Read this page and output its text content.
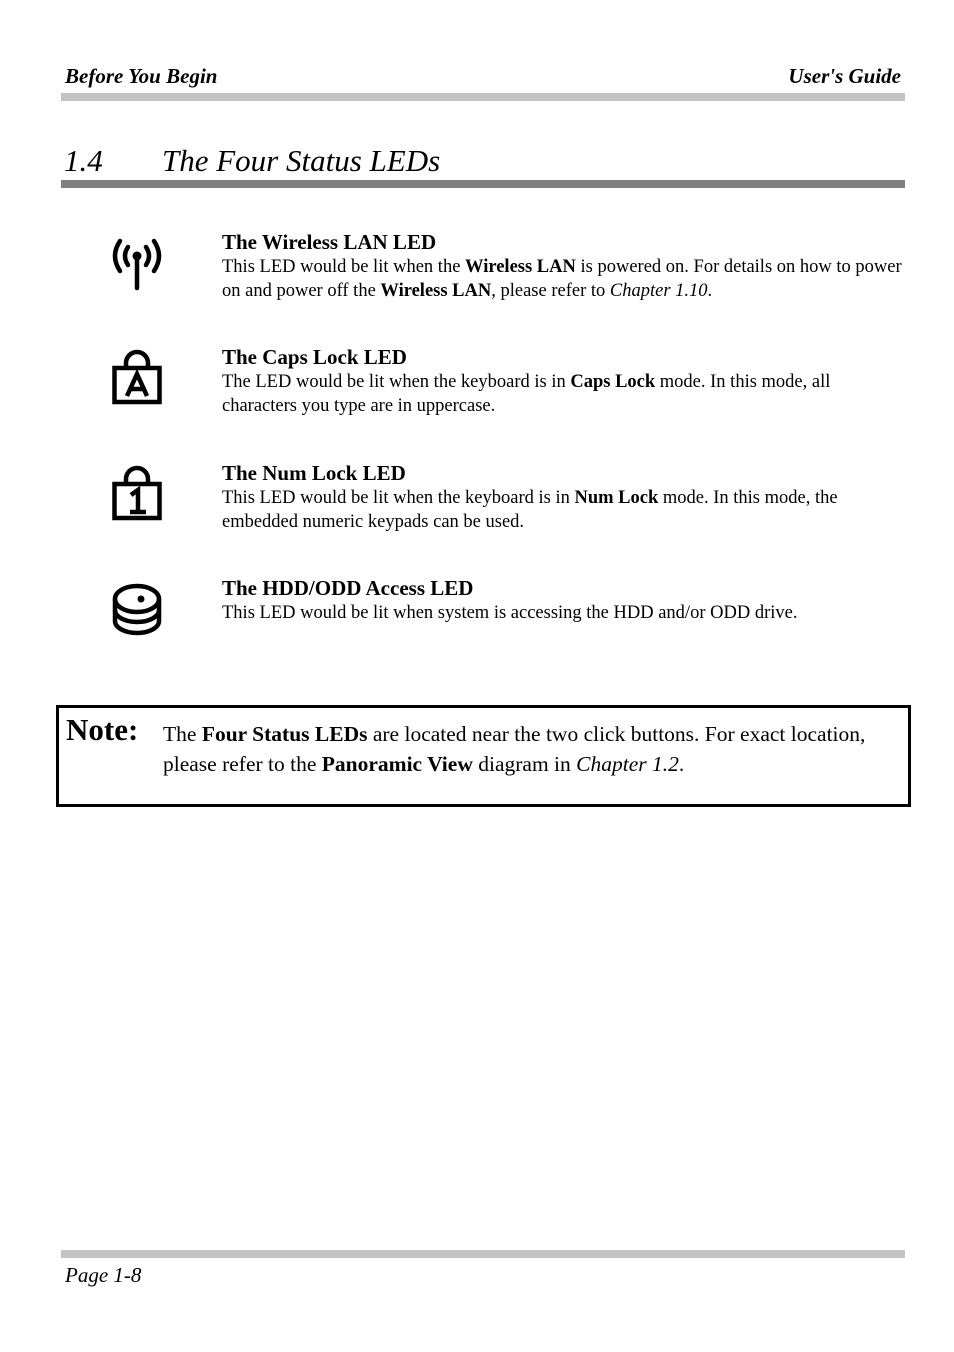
Before You Begin	User's Guide
1.4 The Four Status LEDs
The Wireless LAN LED
This LED would be lit when the Wireless LAN is powered on. For details on how to power on and power off the Wireless LAN, please refer to Chapter 1.10.
The Caps Lock LED
The LED would be lit when the keyboard is in Caps Lock mode. In this mode, all characters you type are in uppercase.
The Num Lock LED
This LED would be lit when the keyboard is in Num Lock mode. In this mode, the embedded numeric keypads can be used.
The HDD/ODD Access LED
This LED would be lit when system is accessing the HDD and/or ODD drive.
Note: The Four Status LEDs are located near the two click buttons. For exact location, please refer to the Panoramic View diagram in Chapter 1.2.
Page 1-8
